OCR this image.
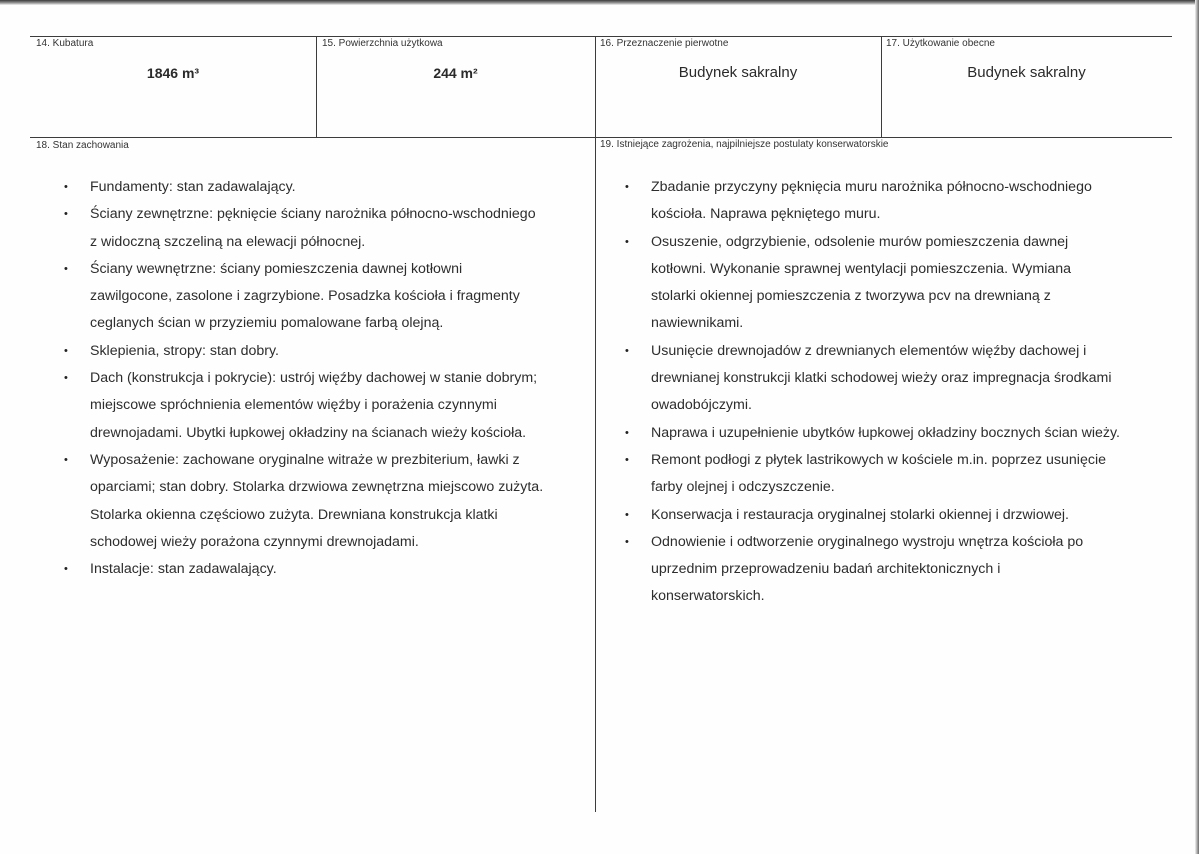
14. Kubatura
1846 m³
15. Powierzchnia użytkowa
244 m²
16. Przeznaczenie pierwotne
Budynek sakralny
17. Użytkowanie obecne
Budynek sakralny
18. Stan zachowania	19. Istniejące zagrożenia, najpilniejsze postulaty konserwatorskie
• Fundamenty: stan zadawalający.
• Ściany zewnętrzne: pęknięcie ściany narożnika północno-wschodniego
z widoczną szczeliną na elewacji północnej.
• Ściany wewnętrzne: ściany pomieszczenia dawnej kotłowni
zawilgocone, zasolone i zagrzybione. Posadzka kościoła i fragmenty
ceglanych ścian w przyziemiu pomalowane farbą olejną.
• Sklepienia, stropy: stan dobry.
• Dach (konstrukcja i pokrycie): ustrój więźby dachowej w stanie dobrym;
miejscowe spróchnienia elementów więźby i porażenia czynnymi
drewnojadami. Ubytki łupkowej okładziny na ścianach wieży kościoła.
• Wyposażenie: zachowane oryginalne witraże w prezbiterium, ławki z
oparciami; stan dobry. Stolarka drzwiowa zewnętrzna miejscowo zużyta.
Stolarka okienna częściowo zużyta. Drewniana konstrukcja klatki
schodowej wieży porażona czynnymi drewnojadami.
• Instalacje: stan zadawalający.
• Zbadanie przyczyny pęknięcia muru narożnika północno-wschodniego
kościoła. Naprawa pękniętego muru.
• Osuszenie, odgrzybienie, odsolenie murów pomieszczenia dawnej
kotłowni. Wykonanie sprawnej wentylacji pomieszczenia. Wymiana
stolarki okiennej pomieszczenia z tworzywa pcv na drewnianą z
nawiewnikami.
• Usunięcie drewnojadów z drewnianych elementów więźby dachowej i
drewnianej konstrukcji klatki schodowej wieży oraz impregnacja środkami
owadobójczymi.
• Naprawa i uzupełnienie ubytków łupkowej okładziny bocznych ścian wieży.
• Remont podłogi z płytek lastrikowych w kościele m.in. poprzez usunięcie
farby olejnej i odczyszczenie.
• Konserwacja i restauracja oryginalnej stolarki okiennej i drzwiowej.
• Odnowienie i odtworzenie oryginalnego wystroju wnętrza kościoła po
uprzednim przeprowadzeniu badań architektonicznych i
konserwatorskich.
